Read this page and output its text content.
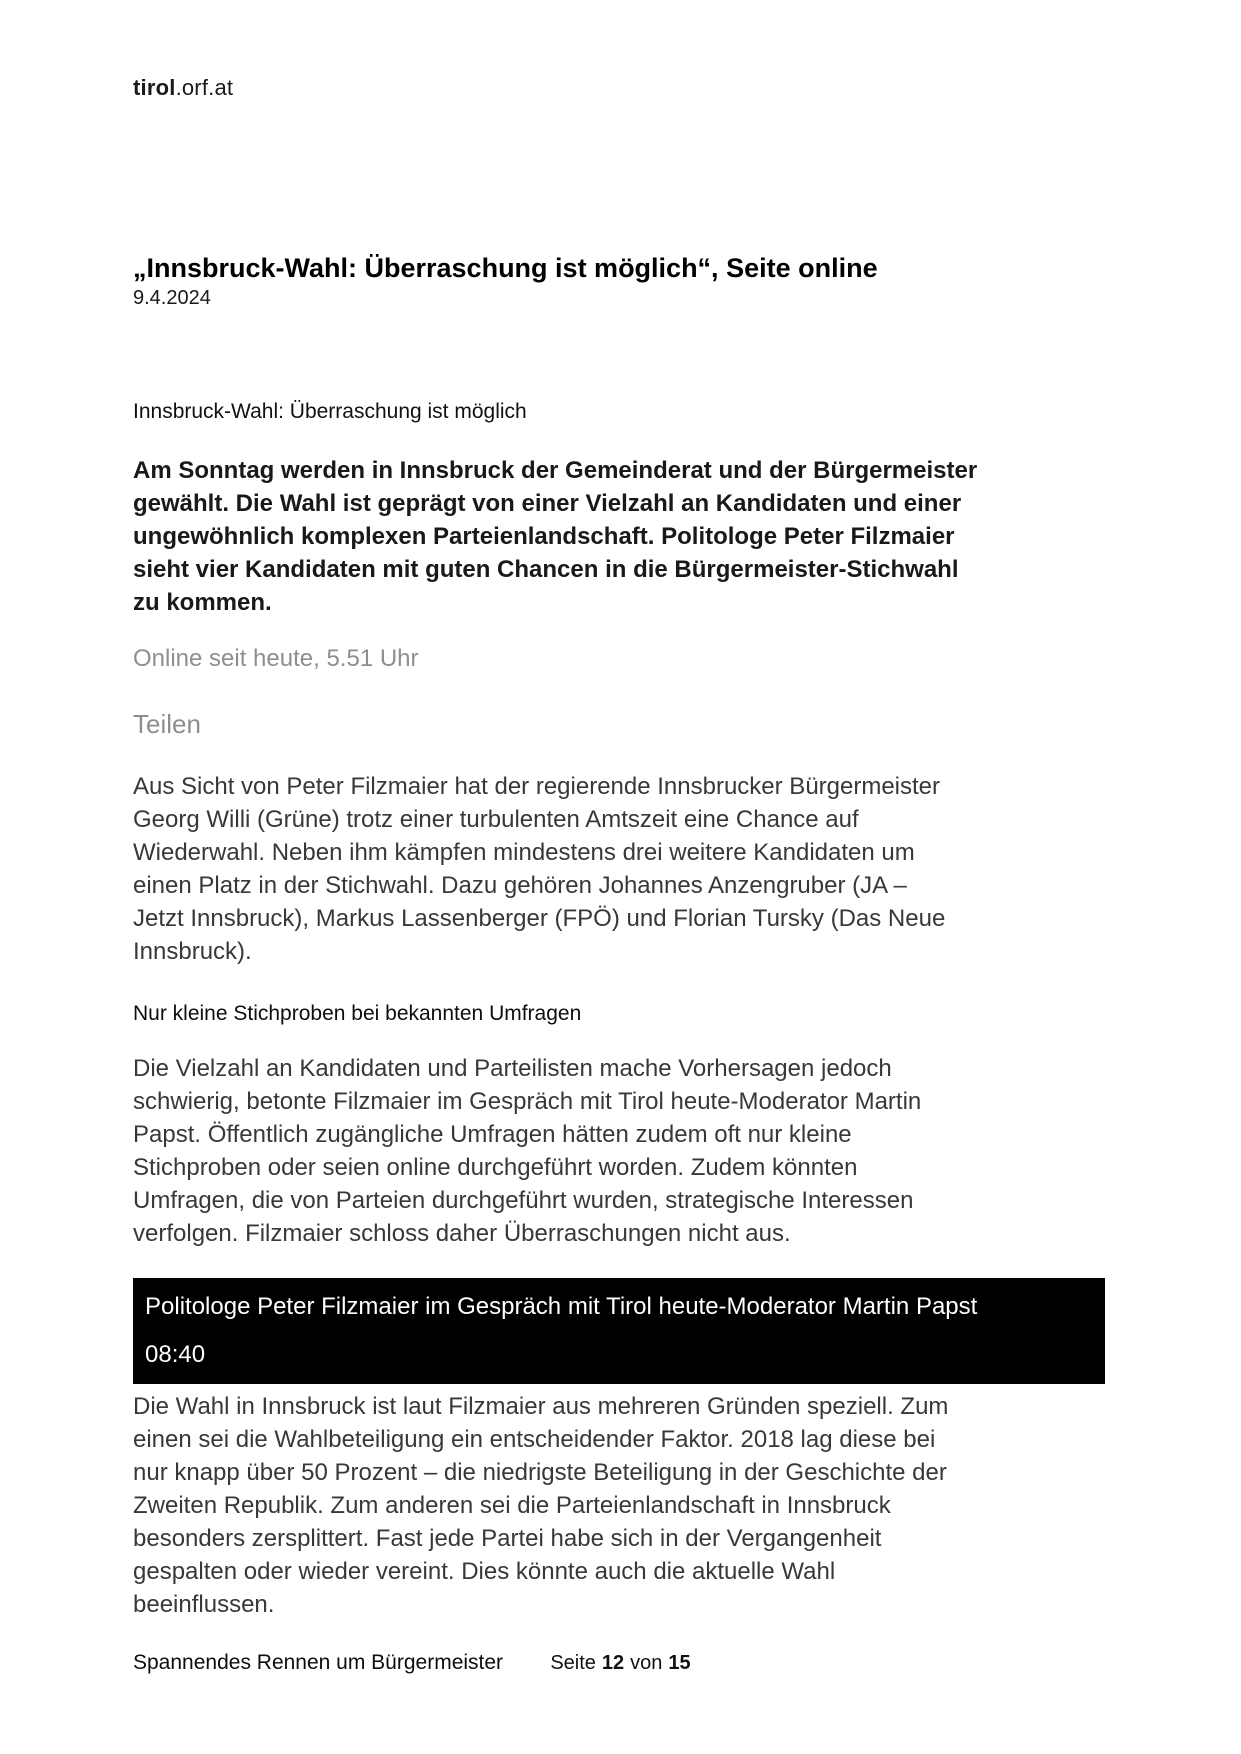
tirol.orf.at
„Innsbruck-Wahl: Überraschung ist möglich“, Seite online
9.4.2024
Innsbruck-Wahl: Überraschung ist möglich
Am Sonntag werden in Innsbruck der Gemeinderat und der Bürgermeister gewählt. Die Wahl ist geprägt von einer Vielzahl an Kandidaten und einer ungewöhnlich komplexen Parteienlandschaft. Politologe Peter Filzmaier sieht vier Kandidaten mit guten Chancen in die Bürgermeister-Stichwahl zu kommen.
Online seit heute, 5.51 Uhr
Teilen

Aus Sicht von Peter Filzmaier hat der regierende Innsbrucker Bürgermeister Georg Willi (Grüne) trotz einer turbulenten Amtszeit eine Chance auf Wiederwahl. Neben ihm kämpfen mindestens drei weitere Kandidaten um einen Platz in der Stichwahl. Dazu gehören Johannes Anzengruber (JA – Jetzt Innsbruck), Markus Lassenberger (FPÖ) und Florian Tursky (Das Neue Innsbruck).

Nur kleine Stichproben bei bekannten Umfragen

Die Vielzahl an Kandidaten und Parteilisten mache Vorhersagen jedoch schwierig, betonte Filzmaier im Gespräch mit Tirol heute-Moderator Martin Papst. Öffentlich zugängliche Umfragen hätten zudem oft nur kleine Stichproben oder seien online durchgeführt worden. Zudem könnten Umfragen, die von Parteien durchgeführt wurden, strategische Interessen verfolgen. Filzmaier schloss daher Überraschungen nicht aus.

Politologe Peter Filzmaier im Gespräch mit Tirol heute-Moderator Martin Papst
08:40

Die Wahl in Innsbruck ist laut Filzmaier aus mehreren Gründen speziell. Zum einen sei die Wahlbeteiligung ein entscheidender Faktor. 2018 lag diese bei nur knapp über 50 Prozent – die niedrigste Beteiligung in der Geschichte der Zweiten Republik. Zum anderen sei die Parteienlandschaft in Innsbruck besonders zersplittert. Fast jede Partei habe sich in der Vergangenheit gespalten oder wieder vereint. Dies könnte auch die aktuelle Wahl beeinflussen.

Spannendes Rennen um Bürgermeister	Seite 12 von 15
